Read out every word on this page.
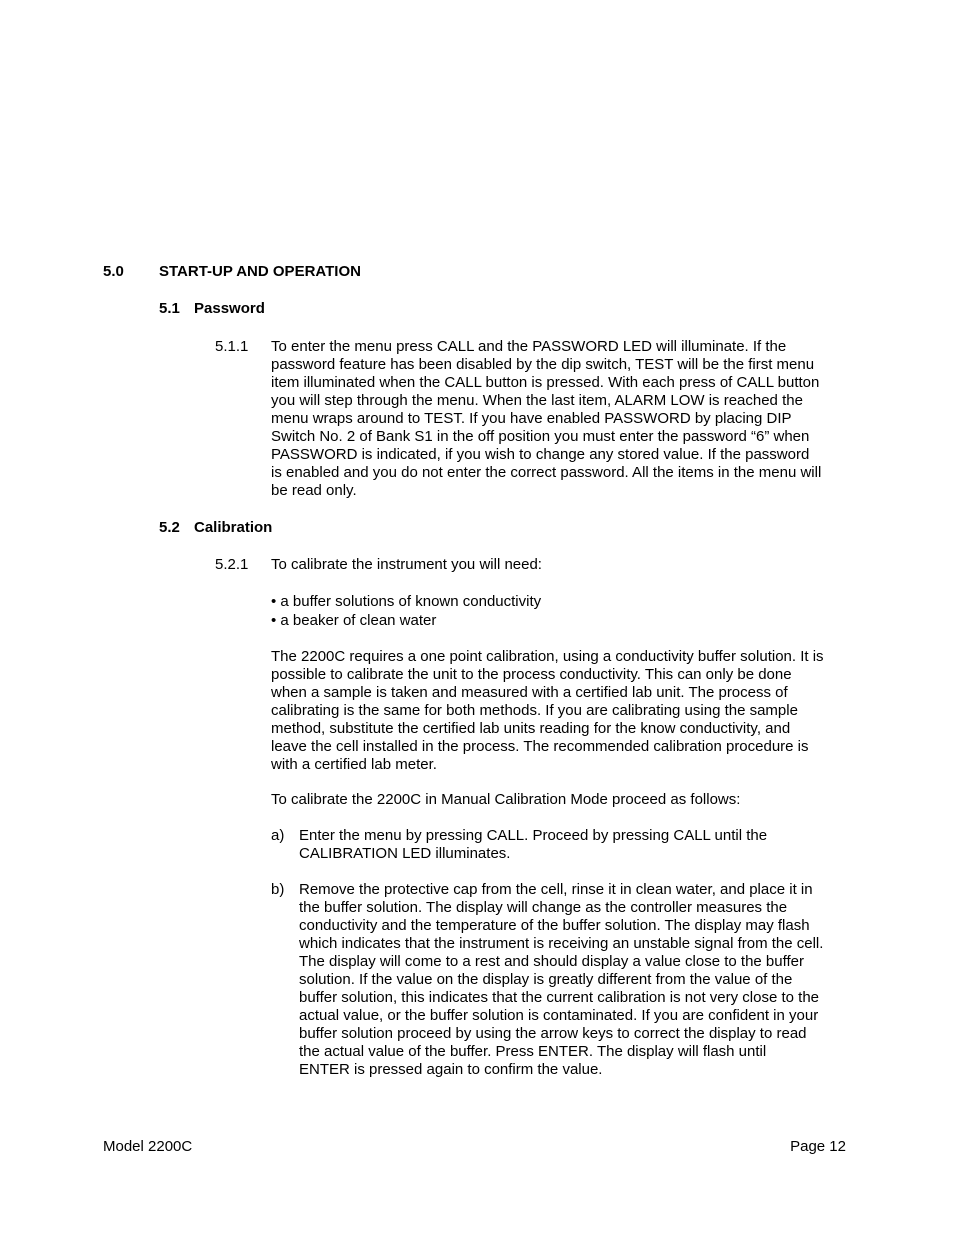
5.0 START-UP AND OPERATION
5.1 Password
5.1.1 To enter the menu press CALL and the PASSWORD LED will illuminate. If the
password feature has been disabled by the dip switch, TEST will be the first menu
item illuminated when the CALL button is pressed. With each press of CALL button
you will step through the menu. When the last item, ALARM LOW is reached the
menu wraps around to TEST. If you have enabled PASSWORD by placing DIP
Switch No. 2 of Bank S1 in the off position you must enter the password “6” when
PASSWORD is indicated, if you wish to change any stored value. If the password
is enabled and you do not enter the correct password. All the items in the menu will
be read only.
5.2 Calibration
5.2.1 To calibrate the instrument you will need:
• a buffer solutions of known conductivity
• a beaker of clean water
The 2200C requires a one point calibration, using a conductivity buffer solution. It is
possible to calibrate the unit to the process conductivity. This can only be done
when a sample is taken and measured with a certified lab unit. The process of
calibrating is the same for both methods. If you are calibrating using the sample
method, substitute the certified lab units reading for the know conductivity, and
leave the cell installed in the process. The recommended calibration procedure is
with a certified lab meter.
To calibrate the 2200C in Manual Calibration Mode proceed as follows:
a) Enter the menu by pressing CALL. Proceed by pressing CALL until the
CALIBRATION LED illuminates.
b) Remove the protective cap from the cell, rinse it in clean water, and place it in
the buffer solution. The display will change as the controller measures the
conductivity and the temperature of the buffer solution. The display may flash
which indicates that the instrument is receiving an unstable signal from the cell.
The display will come to a rest and should display a value close to the buffer
solution. If the value on the display is greatly different from the value of the
buffer solution, this indicates that the current calibration is not very close to the
actual value, or the buffer solution is contaminated. If you are confident in your
buffer solution proceed by using the arrow keys to correct the display to read
the actual value of the buffer. Press ENTER. The display will flash until
ENTER is pressed again to confirm the value.
Model 2200C	Page 12
